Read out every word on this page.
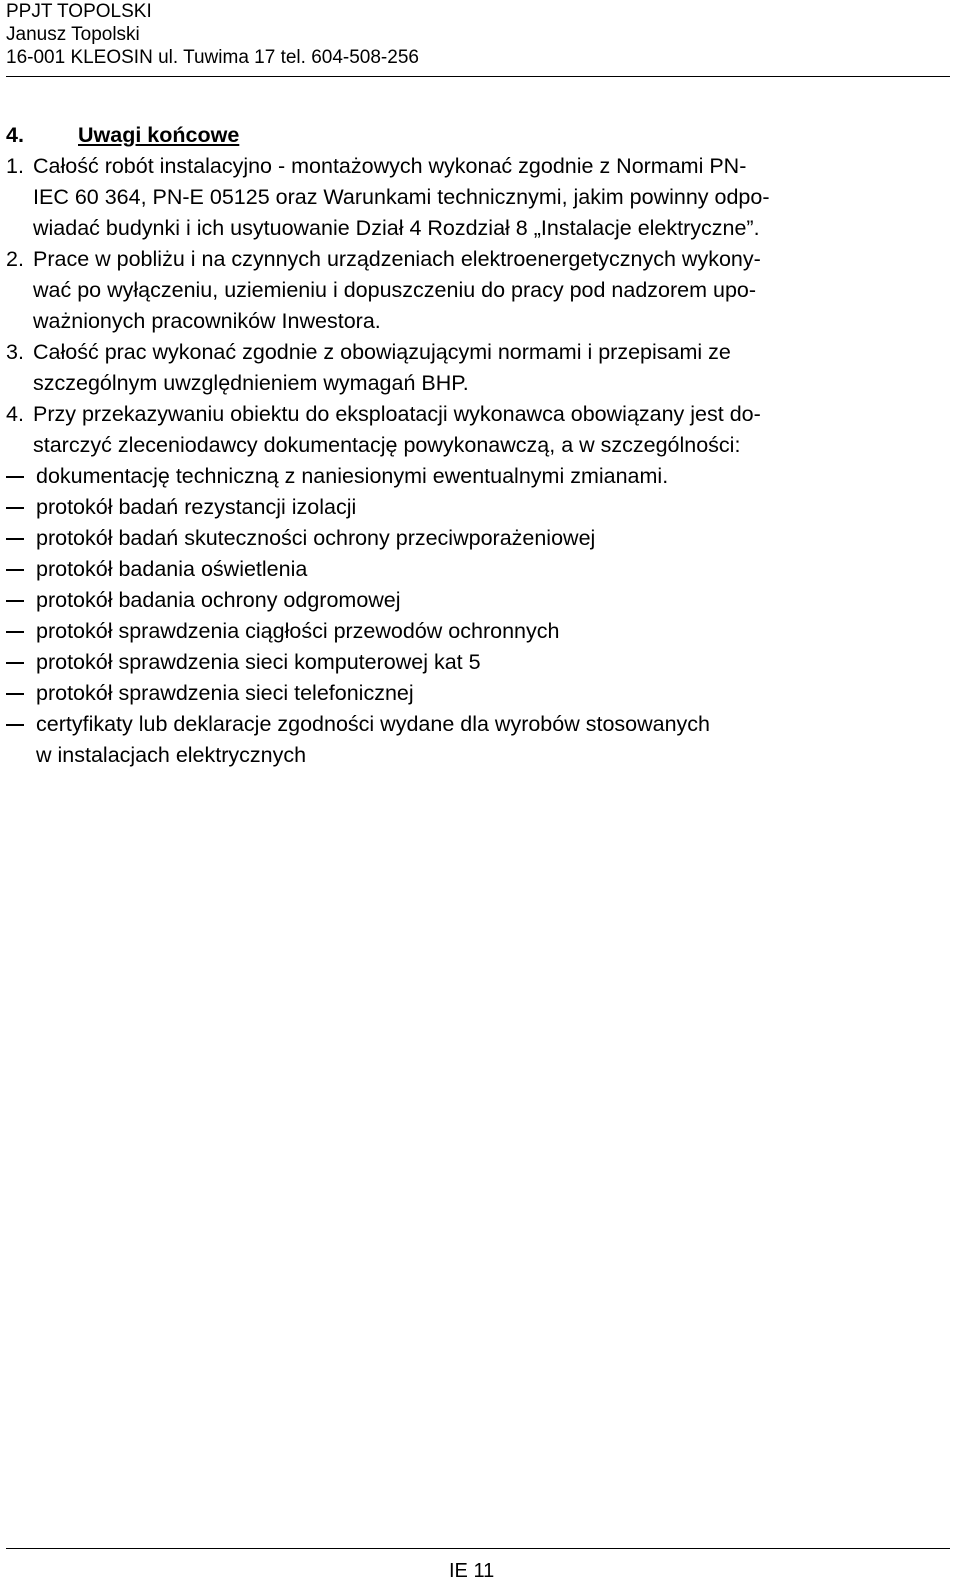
PPJT TOPOLSKI
Janusz Topolski
16-001 KLEOSIN ul. Tuwima 17 tel. 604-508-256
4.	Uwagi końcowe
1. Całość robót instalacyjno - montażowych wykonać zgodnie z Normami PN-
IEC 60 364, PN-E 05125 oraz Warunkami technicznymi, jakim powinny odpo-
wiadać budynki i ich usytuowanie Dział 4 Rozdział 8 „Instalacje elektryczne”.
2. Prace w pobliżu i na czynnych urządzeniach elektroenergetycznych wykony-
wać po wyłączeniu, uziemieniu i dopuszczeniu do pracy pod nadzorem upo-
ważnionych pracowników Inwestora.
3. Całość prac wykonać zgodnie z obowiązującymi normami i przepisami ze
szczególnym uwzględnieniem wymagań BHP.
4. Przy przekazywaniu obiektu do eksploatacji wykonawca obowiązany jest do-
starczyć zleceniodawcy dokumentację powykonawczą, a w szczególności:
dokumentację techniczną z naniesionymi ewentualnymi zmianami.
protokół badań rezystancji izolacji
protokół badań skuteczności ochrony przeciwporażeniowej
protokół badania oświetlenia
protokół badania ochrony odgromowej
protokół sprawdzenia ciągłości przewodów ochronnych
protokół sprawdzenia sieci komputerowej kat 5
protokół sprawdzenia sieci telefonicznej
certyfikaty lub deklaracje zgodności wydane dla wyrobów stosowanych
w instalacjach elektrycznych
IE 11
